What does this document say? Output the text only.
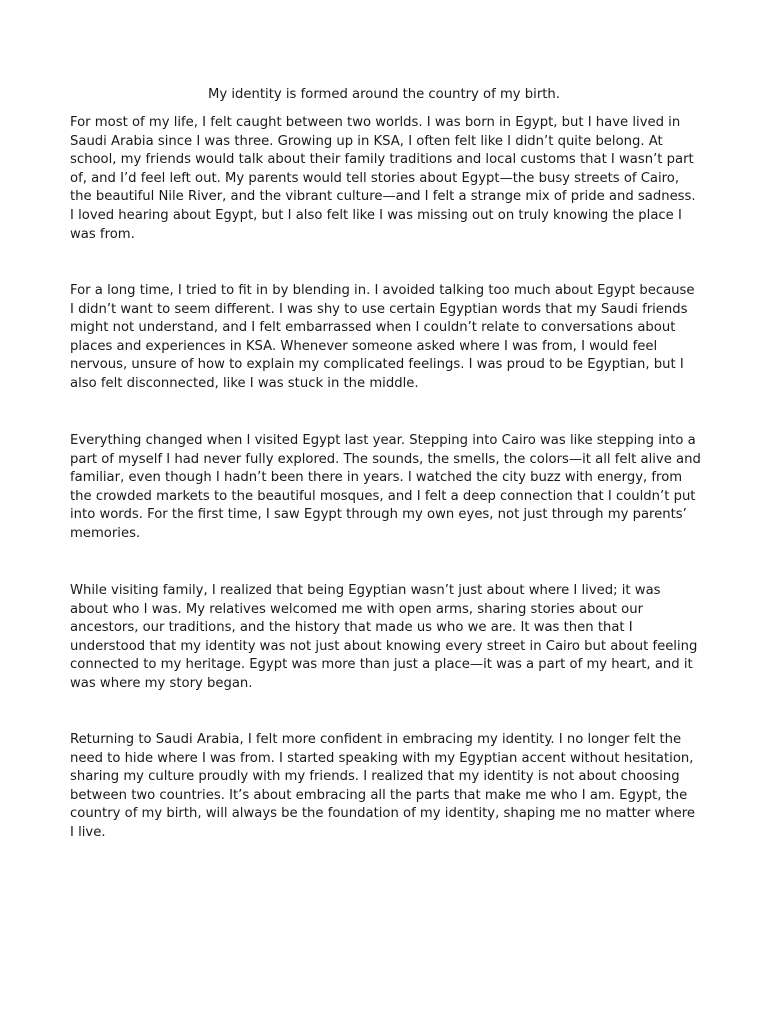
My identity is formed around the country of my birth.

For most of my life, I felt caught between two worlds. I was born in Egypt, but I have lived in Saudi Arabia since I was three. Growing up in KSA, I often felt like I didn’t quite belong. At school, my friends would talk about their family traditions and local customs that I wasn’t part of, and I’d feel left out. My parents would tell stories about Egypt—the busy streets of Cairo, the beautiful Nile River, and the vibrant culture—and I felt a strange mix of pride and sadness. I loved hearing about Egypt, but I also felt like I was missing out on truly knowing the place I was from.

For a long time, I tried to fit in by blending in. I avoided talking too much about Egypt because I didn’t want to seem different. I was shy to use certain Egyptian words that my Saudi friends might not understand, and I felt embarrassed when I couldn’t relate to conversations about places and experiences in KSA. Whenever someone asked where I was from, I would feel nervous, unsure of how to explain my complicated feelings. I was proud to be Egyptian, but I also felt disconnected, like I was stuck in the middle.

Everything changed when I visited Egypt last year. Stepping into Cairo was like stepping into a part of myself I had never fully explored. The sounds, the smells, the colors—it all felt alive and familiar, even though I hadn’t been there in years. I watched the city buzz with energy, from the crowded markets to the beautiful mosques, and I felt a deep connection that I couldn’t put into words. For the first time, I saw Egypt through my own eyes, not just through my parents’ memories.

While visiting family, I realized that being Egyptian wasn’t just about where I lived; it was about who I was. My relatives welcomed me with open arms, sharing stories about our ancestors, our traditions, and the history that made us who we are. It was then that I understood that my identity was not just about knowing every street in Cairo but about feeling connected to my heritage. Egypt was more than just a place—it was a part of my heart, and it was where my story began.

Returning to Saudi Arabia, I felt more confident in embracing my identity. I no longer felt the need to hide where I was from. I started speaking with my Egyptian accent without hesitation, sharing my culture proudly with my friends. I realized that my identity is not about choosing between two countries. It’s about embracing all the parts that make me who I am. Egypt, the country of my birth, will always be the foundation of my identity, shaping me no matter where I live.
